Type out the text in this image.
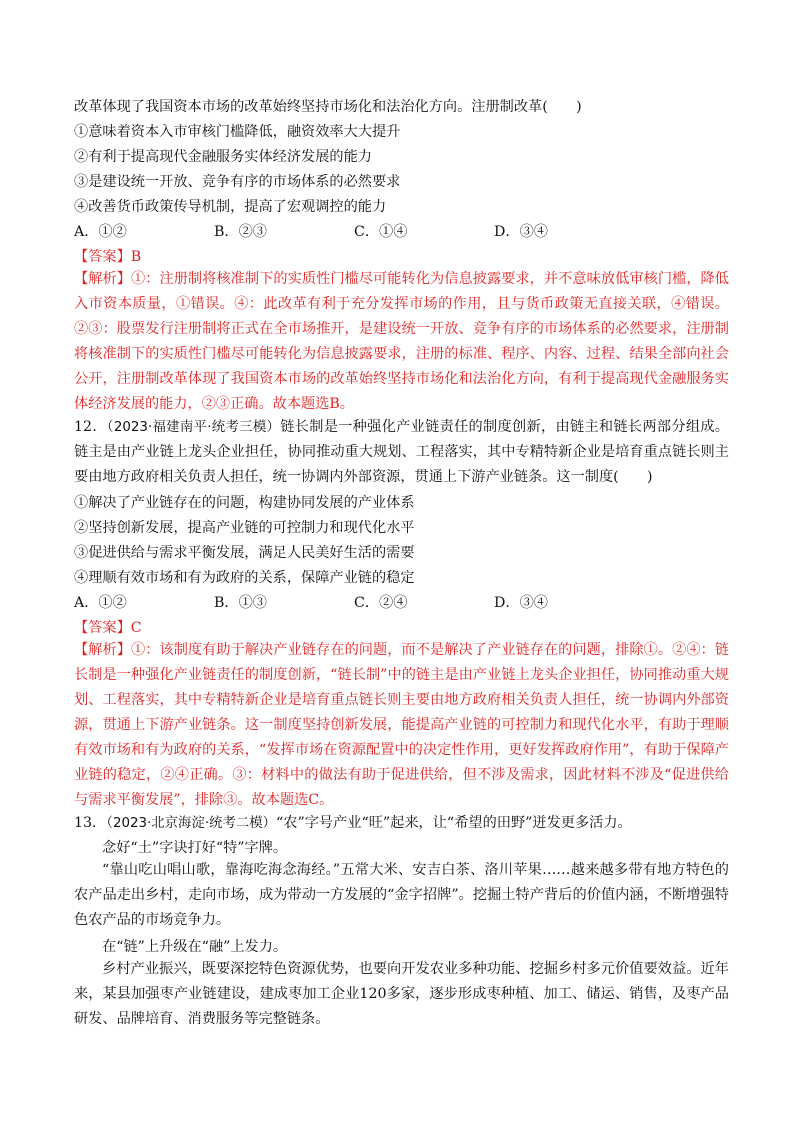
改革体现了我国资本市场的改革始终坚持市场化和法治化方向。注册制改革(　　)
①意味着资本入市审核门槛降低，融资效率大大提升
②有利于提高现代金融服务实体经济发展的能力
③是建设统一开放、竞争有序的市场体系的必然要求
④改善货币政策传导机制，提高了宏观调控的能力
A．①②	B．②③	C．①④	D．③④
【答案】B
【解析】①：注册制将核准制下的实质性门槛尽可能转化为信息披露要求，并不意味放低审核门槛，降低入市资本质量，①错误。④：此改革有利于充分发挥市场的作用，且与货币政策无直接关联，④错误。②③：股票发行注册制将正式在全市场推开，是建设统一开放、竞争有序的市场体系的必然要求，注册制将核准制下的实质性门槛尽可能转化为信息披露要求，注册的标准、程序、内容、过程、结果全部向社会公开，注册制改革体现了我国资本市场的改革始终坚持市场化和法治化方向，有利于提高现代金融服务实体经济发展的能力，②③正确。故本题选B。
12．（2023·福建南平·统考三模）链长制是一种强化产业链责任的制度创新，由链主和链长两部分组成。链主是由产业链上龙头企业担任，协同推动重大规划、工程落实，其中专精特新企业是培育重点链长则主要由地方政府相关负责人担任，统一协调内外部资源，贯通上下游产业链条。这一制度(　　)
①解决了产业链存在的问题，构建协同发展的产业体系
②坚持创新发展，提高产业链的可控制力和现代化水平
③促进供给与需求平衡发展，满足人民美好生活的需要
④理顺有效市场和有为政府的关系，保障产业链的稳定
A．①②	B．①③	C．②④	D．③④
【答案】C
【解析】①：该制度有助于解决产业链存在的问题，而不是解决了产业链存在的问题，排除①。②④：链长制是一种强化产业链责任的制度创新，“链长制”中的链主是由产业链上龙头企业担任，协同推动重大规划、工程落实，其中专精特新企业是培育重点链长则主要由地方政府相关负责人担任，统一协调内外部资源，贯通上下游产业链条。这一制度坚持创新发展，能提高产业链的可控制力和现代化水平，有助于理顺有效市场和有为政府的关系，“发挥市场在资源配置中的决定性作用，更好发挥政府作用”，有助于保障产业链的稳定，②④正确。③：材料中的做法有助于促进供给，但不涉及需求，因此材料不涉及“促进供给与需求平衡发展”，排除③。故本题选C。
13．（2023·北京海淀·统考二模）“农”字号产业“旺”起来，让“希望的田野”迸发更多活力。
念好“土”字诀打好“特”字牌。
“靠山吃山唱山歌，靠海吃海念海经。”五常大米、安吉白茶、洛川苹果……越来越多带有地方特色的农产品走出乡村，走向市场，成为带动一方发展的“金字招牌”。挖掘土特产背后的价值内涵，不断增强特色农产品的市场竞争力。
在“链”上升级在“融”上发力。
乡村产业振兴，既要深挖特色资源优势，也要向开发农业多种功能、挖掘乡村多元价值要效益。近年来，某县加强枣产业链建设，建成枣加工企业120多家，逐步形成枣种植、加工、储运、销售，及枣产品研发、品牌培育、消费服务等完整链条。
